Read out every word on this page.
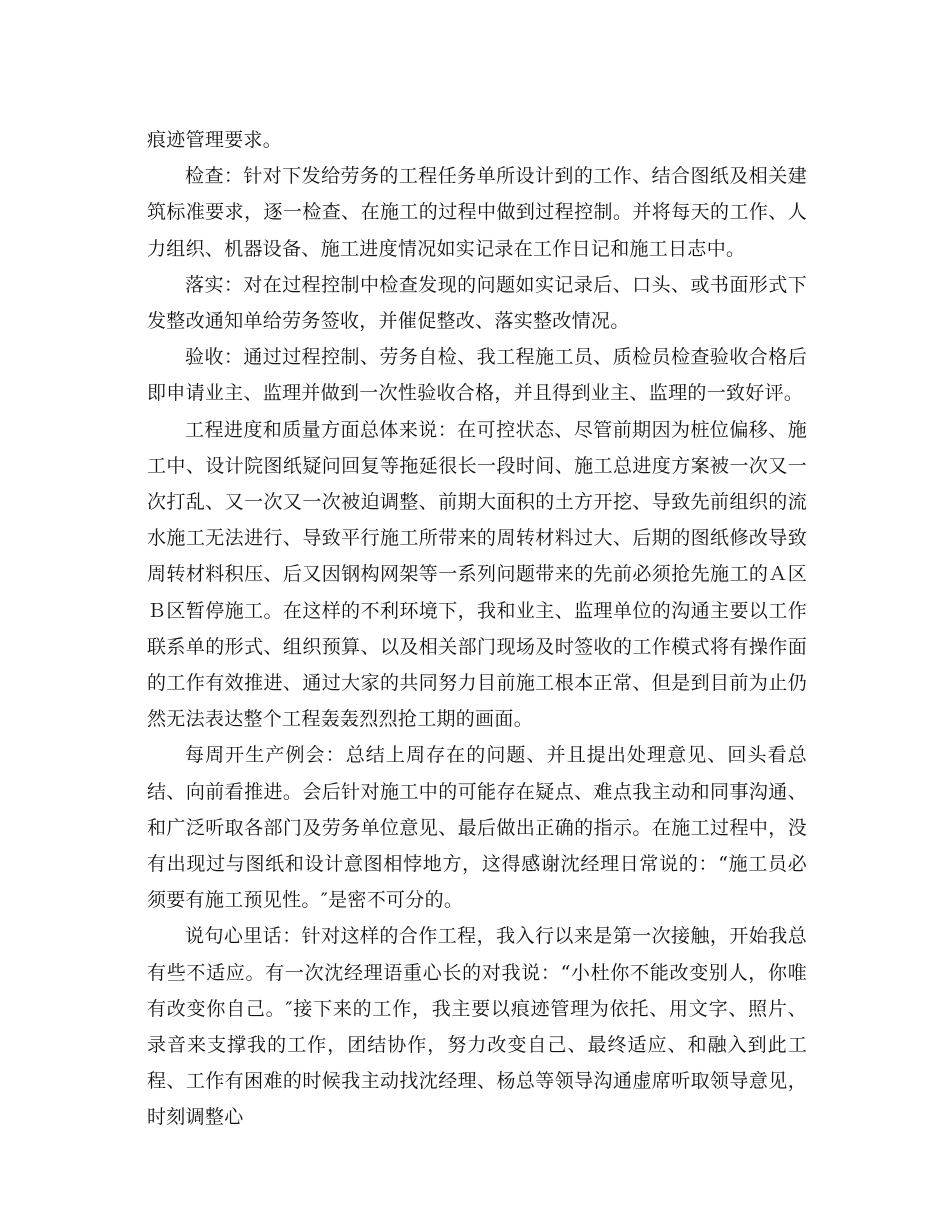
痕迹管理要求。

检查：针对下发给劳务的工程任务单所设计到的工作、结合图纸及相关建筑标准要求，逐一检查、在施工的过程中做到过程控制。并将每天的工作、人力组织、机器设备、施工进度情况如实记录在工作日记和施工日志中。

落实：对在过程控制中检查发现的问题如实记录后、口头、或书面形式下发整改通知单给劳务签收，并催促整改、落实整改情况。

验收：通过过程控制、劳务自检、我工程施工员、质检员检查验收合格后即申请业主、监理并做到一次性验收合格，并且得到业主、监理的一致好评。

工程进度和质量方面总体来说：在可控状态、尽管前期因为桩位偏移、施工中、设计院图纸疑问回复等拖延很长一段时间、施工总进度方案被一次又一次打乱、又一次又一次被迫调整、前期大面积的土方开挖、导致先前组织的流水施工无法进行、导致平行施工所带来的周转材料过大、后期的图纸修改导致周转材料积压、后又因钢构网架等一系列问题带来的先前必须抢先施工的Ａ区Ｂ区暂停施工。在这样的不利环境下，我和业主、监理单位的沟通主要以工作联系单的形式、组织预算、以及相关部门现场及时签收的工作模式将有操作面的工作有效推进、通过大家的共同努力目前施工根本正常、但是到目前为止仍然无法表达整个工程轰轰烈烈抢工期的画面。

每周开生产例会：总结上周存在的问题、并且提出处理意见、回头看总结、向前看推进。会后针对施工中的可能存在疑点、难点我主动和同事沟通、和广泛听取各部门及劳务单位意见、最后做出正确的指示。在施工过程中，没有出现过与图纸和设计意图相悖地方，这得感谢沈经理日常说的：“施工员必须要有施工预见性。″是密不可分的。

说句心里话：针对这样的合作工程，我入行以来是第一次接触，开始我总有些不适应。有一次沈经理语重心长的对我说：“小杜你不能改变别人，你唯有改变你自己。″接下来的工作，我主要以痕迹管理为依托、用文字、照片、录音来支撑我的工作，团结协作，努力改变自己、最终适应、和融入到此工程、工作有困难的时候我主动找沈经理、杨总等领导沟通虚席听取领导意见，时刻调整心
